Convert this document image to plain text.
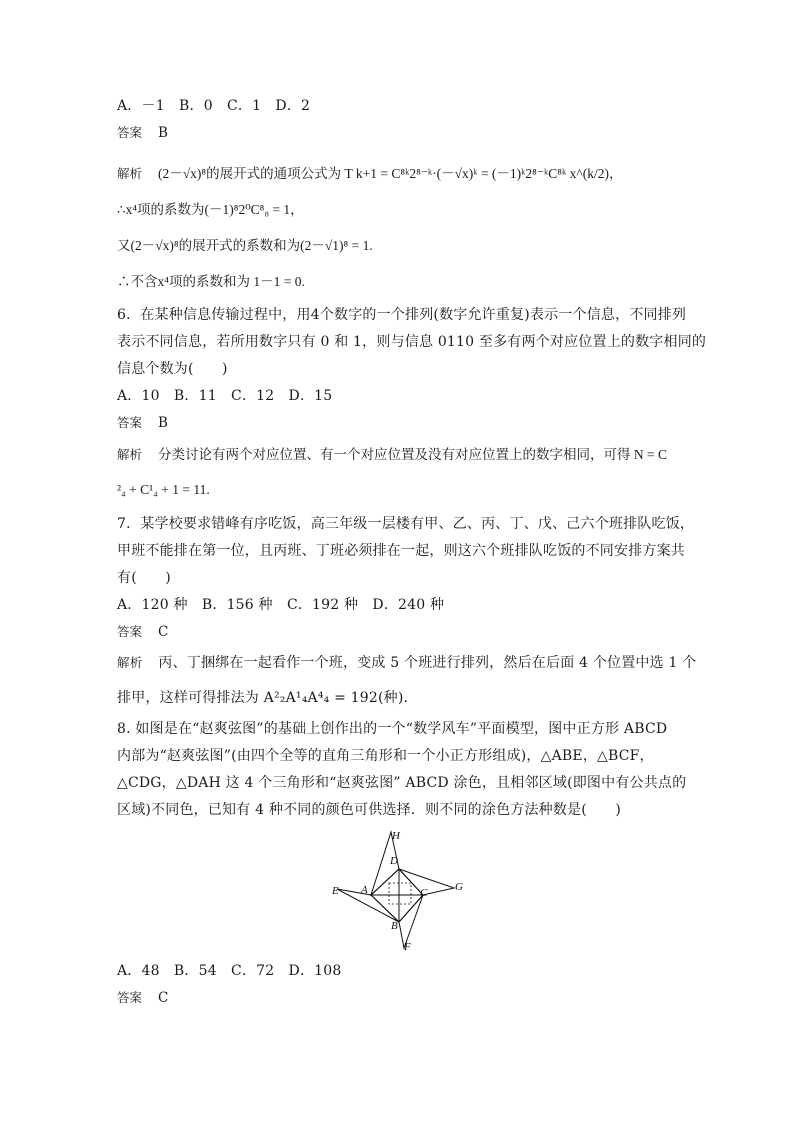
A．－1　B．0　C．1　D．2
答案 B
解析 (2－√x)⁸的展开式的通项公式为 T k+1 = C⁸ᵏ2⁸⁻ᵏ·(－√x)ᵏ = (－1)ᵏ2⁸⁻ᵏC⁸ᵏ x^(k/2)，
∴x⁴项的系数为(－1)⁸2⁰C⁸₈ = 1，
又(2－√x)⁸的展开式的系数和为(2－√1)⁸ = 1.
∴不含x⁴项的系数和为 1－1 = 0.
6．在某种信息传输过程中，用4个数字的一个排列(数字允许重复)表示一个信息，不同排列
表示不同信息，若所用数字只有 0 和 1，则与信息 0110 至多有两个对应位置上的数字相同的
信息个数为(　　)
A．10　B．11　C．12　D．15
答案 B
解析 分类讨论有两个对应位置、有一个对应位置及没有对应位置上的数字相同，可得 N = C
²₄ + C¹₄ + 1 = 11.
7．某学校要求错峰有序吃饭，高三年级一层楼有甲、乙、丙、丁、戊、己六个班排队吃饭，
甲班不能排在第一位，且丙班、丁班必须排在一起，则这六个班排队吃饭的不同安排方案共
有(　　)
A．120 种　B．156 种　C．192 种　D．240 种
答案 C
解析 丙、丁捆绑在一起看作一个班，变成 5 个班进行排列，然后在后面 4 个位置中选 1 个
排甲，这样可得排法为 A²₂A¹₄A⁴₄ = 192(种)．
8. 如图是在“赵爽弦图”的基础上创作出的一个“数学风车”平面模型，图中正方形 ABCD
内部为“赵爽弦图”(由四个全等的直角三角形和一个小正方形组成)，△ABE，△BCF，
△CDG，△DAH 这 4 个三角形和“赵爽弦图” ABCD 涂色，且相邻区域(即图中有公共点的
区域)不同色，已知有 4 种不同的颜色可供选择．则不同的涂色方法种数是(　　)
H
D
E A	C	G
B
F
A．48　B．54　C．72　D．108
答案 C
